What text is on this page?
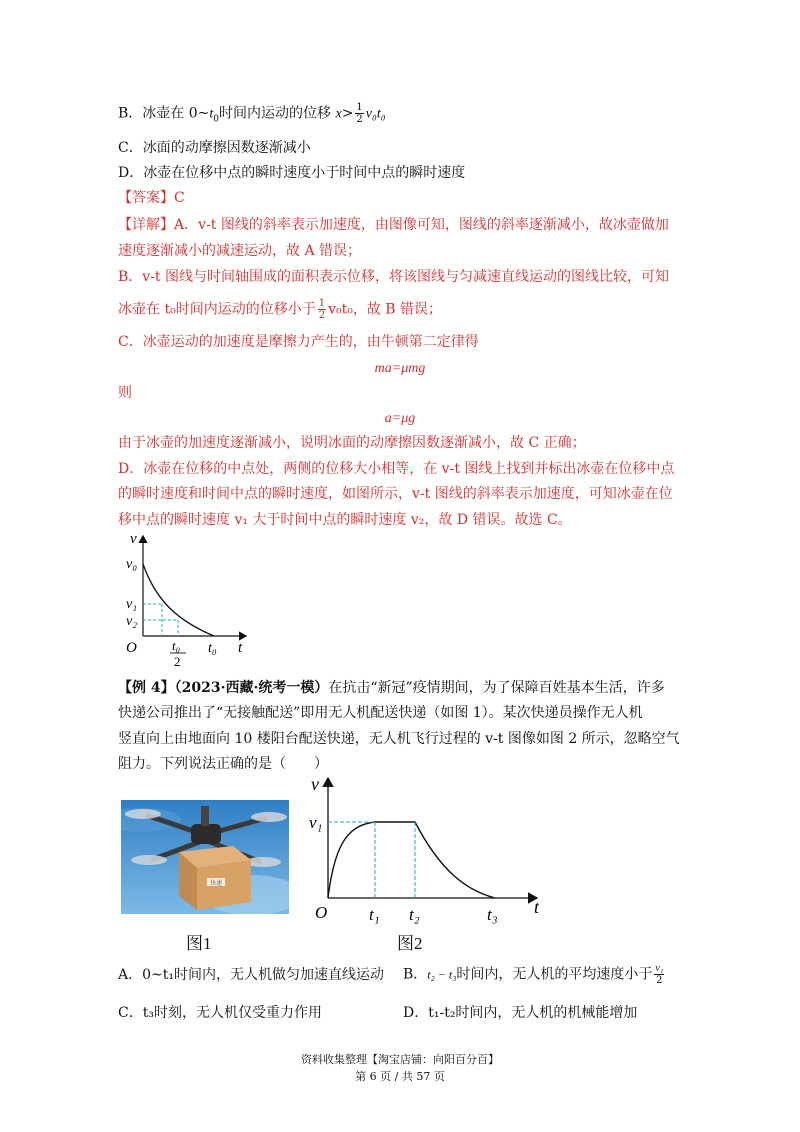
B．冰壶在 $0\sim t_0$时间内运动的位移 $x> \frac{1}{2} v_0t_0$
C．冰面的动摩擦因数逐渐减小
D．冰壶在位移中点的瞬时速度小于时间中点的瞬时速度
【答案】C
【详解】A．v-t 图线的斜率表示加速度，由图像可知，图线的斜率逐渐减小，故冰壶做加
速度逐渐减小的减速运动，故 A 错误；
B．v-t 图线与时间轴围成的面积表示位移，将该图线与匀减速直线运动的图线比较，可知
冰壶在 t₀时间内运动的位移小于 $\frac{1}{2} v_0t_0$，故 B 错误；
C．冰壶运动的加速度是摩擦力产生的，由牛顿第二定律得
ma=μmg
则
a=μg
由于冰壶的加速度逐渐减小，说明冰面的动摩擦因数逐渐减小，故 C 正确；
D．冰壶在位移的中点处，两侧的位移大小相等，在 v-t 图线上找到并标出冰壶在位移中点
的瞬时速度和时间中点的瞬时速度，如图所示，v-t 图线的斜率表示加速度，可知冰壶在位
移中点的瞬时速度 v₁ 大于时间中点的瞬时速度 v₂，故 D 错误。故选 C。
v
v₀
v₁
v₂
O	t₀
2
t₀ t
【例 4】（2023·西藏·统考一模）在抗击“新冠”疫情期间，为了保障百姓基本生活，许多
快递公司推出了“无接触配送”即用无人机配送快递（如图 1）。某次快递员操作无人机
竖直向上由地面向 10 楼阳台配送快递，无人机飞行过程的 v-t 图像如图 2 所示，忽略空气
阻力。下列说法正确的是（　　）
快递
图1
v
v₁
O t₁ t₂	t₃ t
图2
A．0~t₁时间内，无人机做匀加速直线运动 B．t₂ − t₃时间内，无人机的平均速度小于 $\frac{\text{v₁}}{2}$
C．t₃时刻，无人机仅受重力作用	D．t₁-t₂时间内，无人机的机械能增加
资料收集整理【淘宝店铺：向阳百分百】
第 6 页 / 共 57 页
